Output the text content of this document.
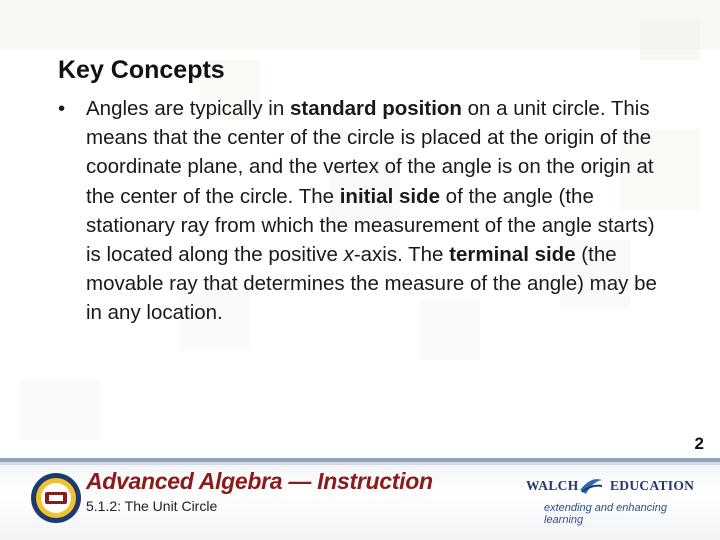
Key Concepts
•	Angles are typically in standard position on a unit circle. This means that the center of the circle is placed at the origin of the coordinate plane, and the vertex of the angle is on the origin at the center of the circle. The initial side of the angle (the stationary ray from which the measurement of the angle starts) is located along the positive x-axis. The terminal side (the movable ray that determines the measure of the angle) may be in any location.
2
Advanced Algebra — Instruction
5.1.2: The Unit Circle
WALCH EDUCATION
extending and enhancing learning
